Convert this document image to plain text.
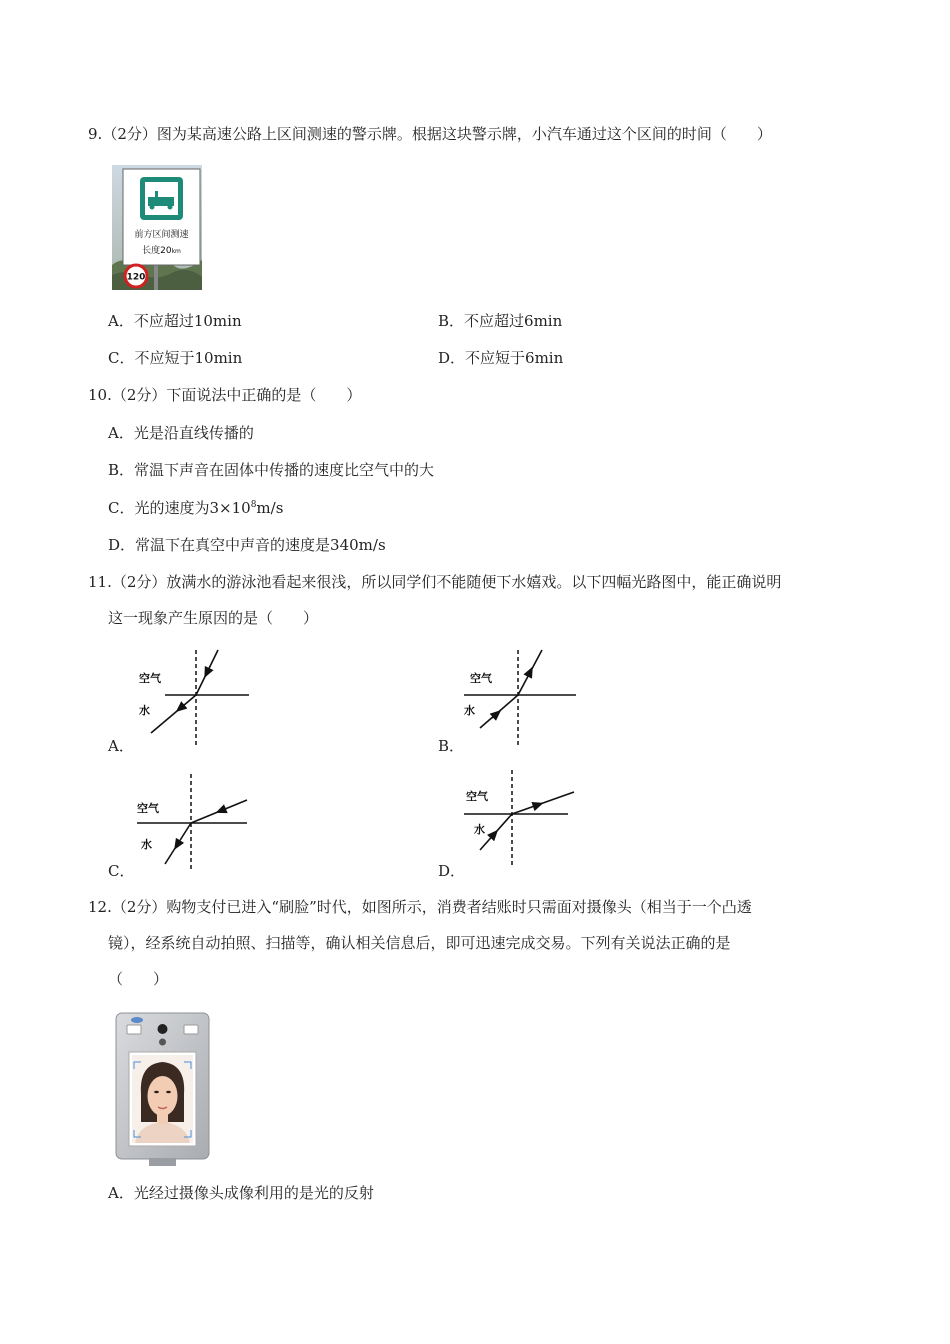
9.（2分）图为某高速公路上区间测速的警示牌。根据这块警示牌，小汽车通过这个区间的时间（　　）
前方区间测速
长度20km
120
A．不应超过10min	B．不应超过6min
C．不应短于10min	D．不应短于6min
10.（2分）下面说法中正确的是（　　）
A．光是沿直线传播的
B．常温下声音在固体中传播的速度比空气中的大
C．光的速度为$3\times 10^8m/s$
D．常温下在真空中声音的速度是340m/s
11.（2分）放满水的游泳池看起来很浅，所以同学们不能随便下水嬉戏。以下四幅光路图中，能正确说明
这一现象产生原因的是（　　）
空气
水
A．
空气
水
B．
空气
水
C．
空气
水
D．
12.（2分）购物支付已进入“刷脸”时代，如图所示，消费者结账时只需面对摄像头（相当于一个凸透
镜），经系统自动拍照、扫描等，确认相关信息后，即可迅速完成交易。下列有关说法正确的是
（　　）
A．光经过摄像头成像利用的是光的反射
